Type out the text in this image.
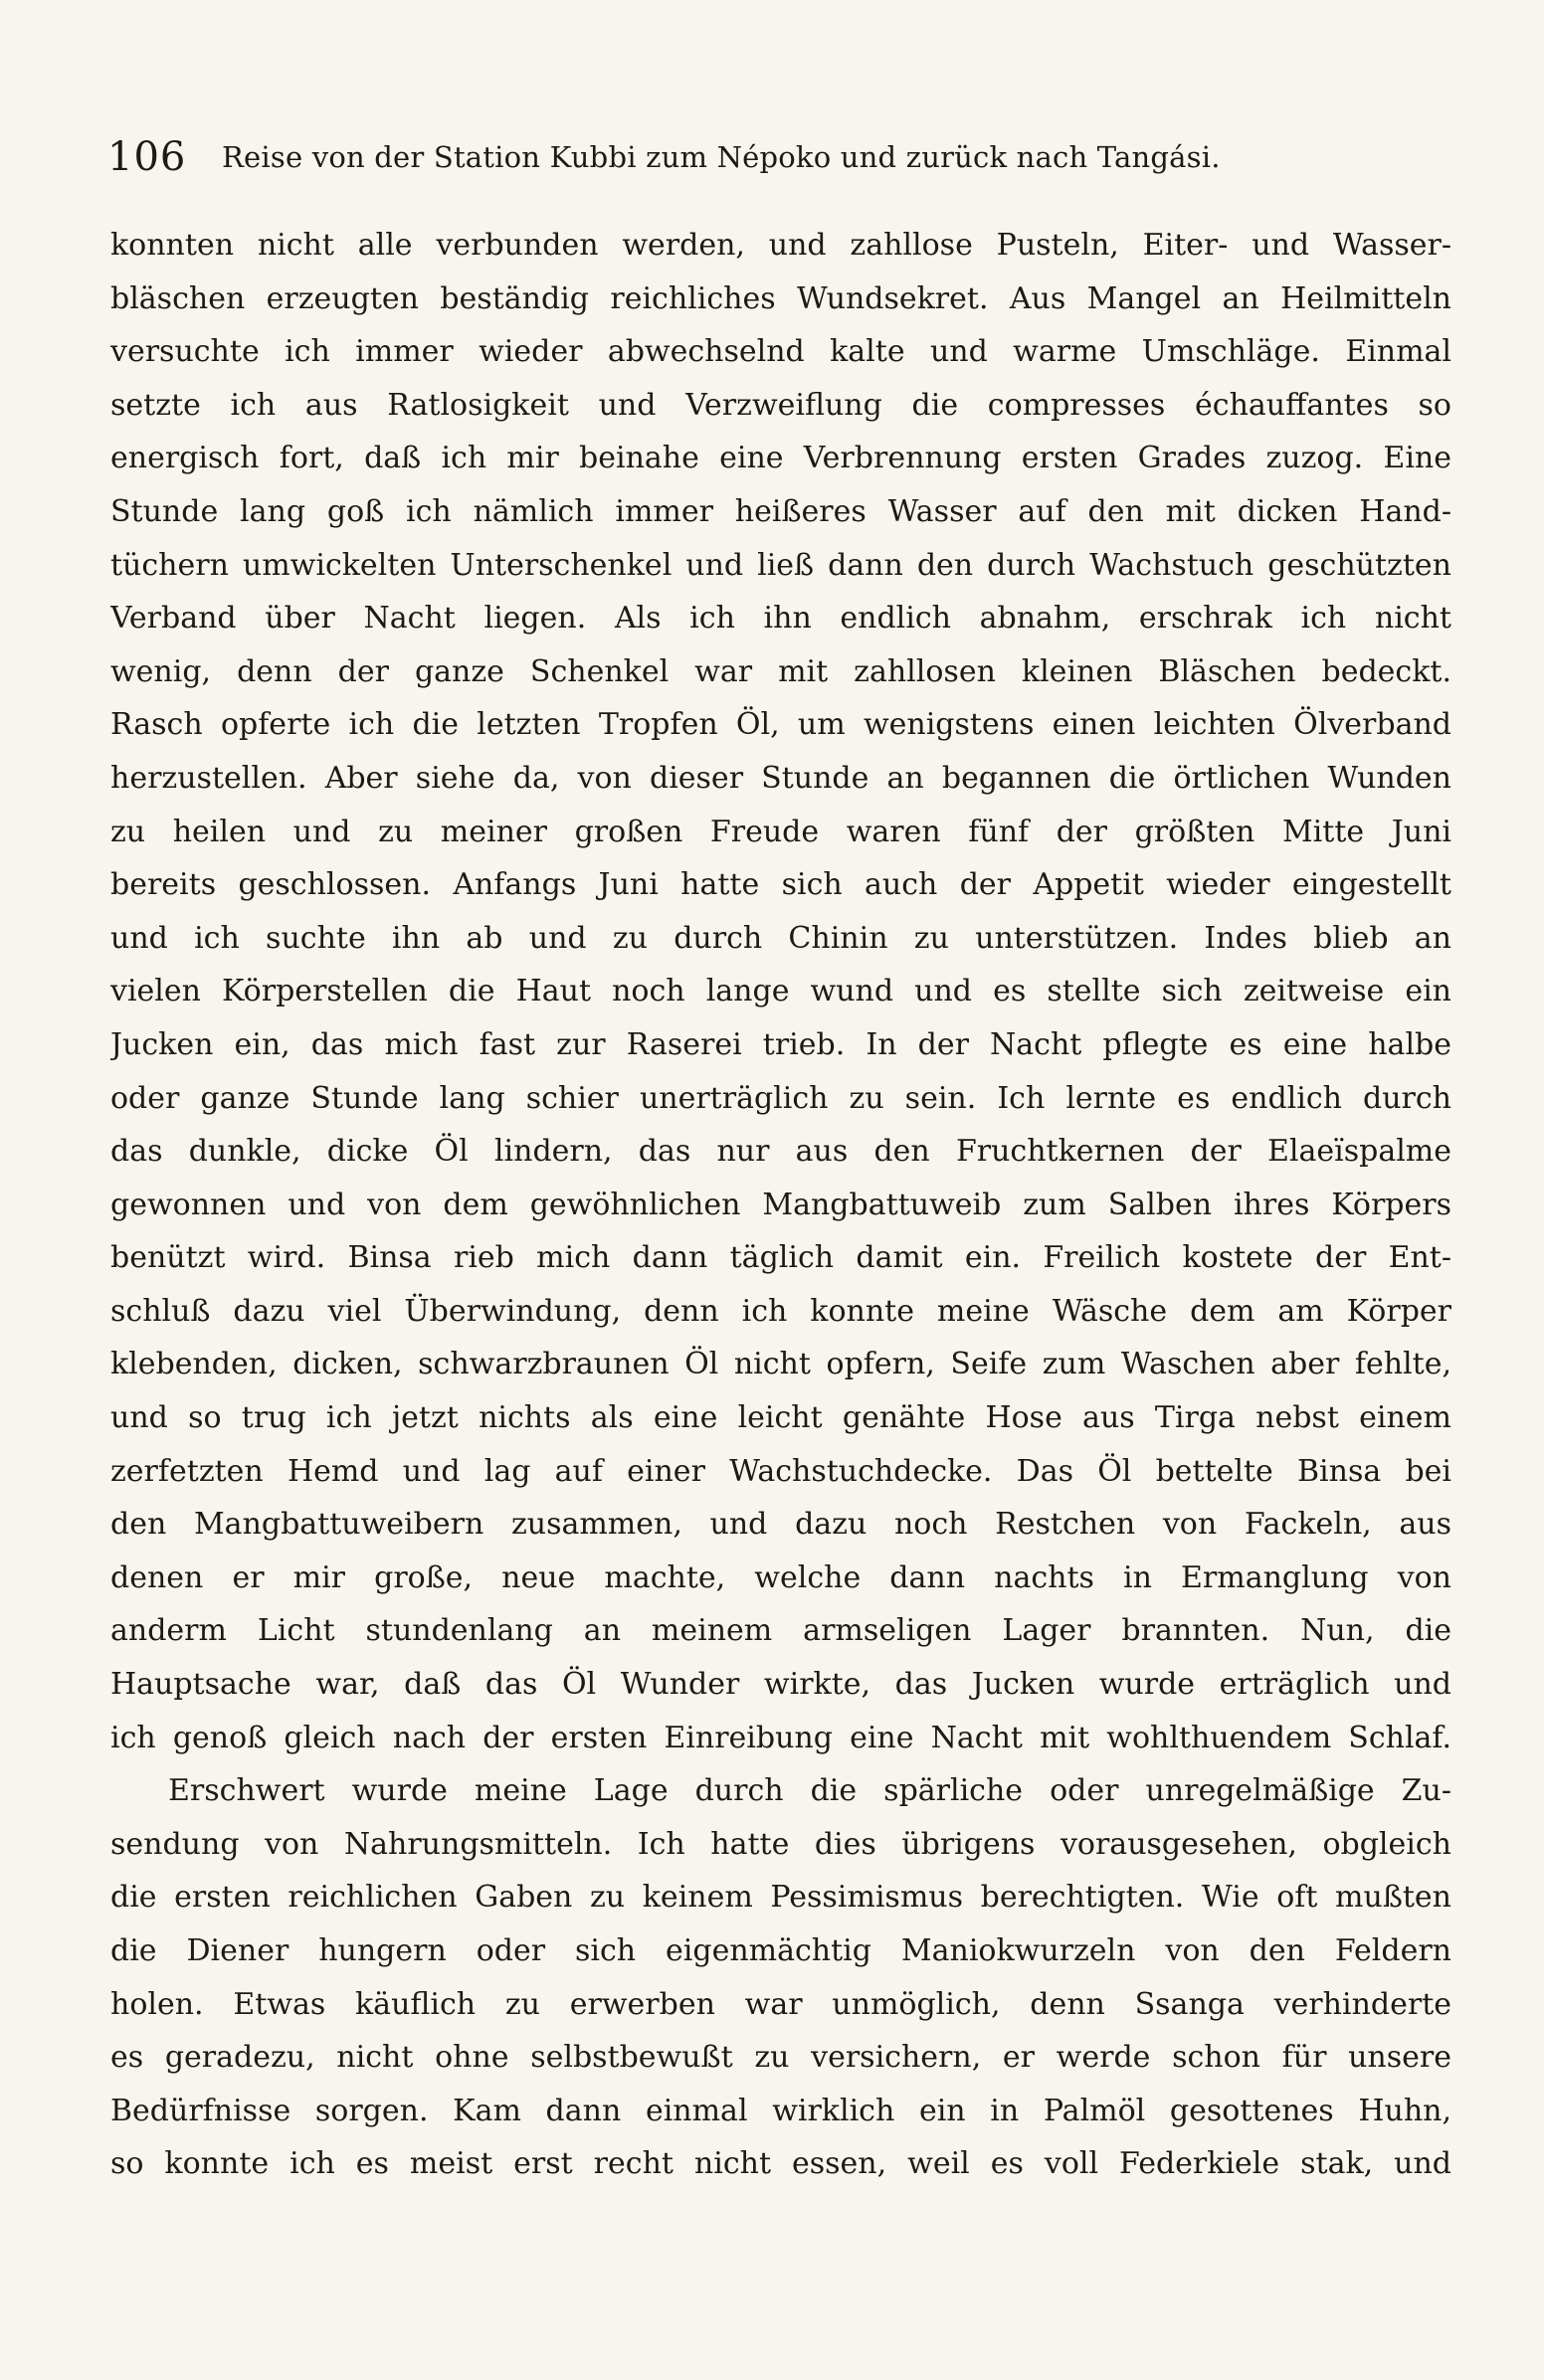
106 Reise von der Station Kubbi zum Népoko und zurück nach Tangási.
konnten nicht alle verbunden werden, und zahllose Pusteln, Eiter- und Wasser-
bläschen erzeugten beständig reichliches Wundsekret. Aus Mangel an Heilmitteln
versuchte ich immer wieder abwechselnd kalte und warme Umschläge. Einmal
setzte ich aus Ratlosigkeit und Verzweiflung die compresses échauffantes so
energisch fort, daß ich mir beinahe eine Verbrennung ersten Grades zuzog. Eine
Stunde lang goß ich nämlich immer heißeres Wasser auf den mit dicken Hand-
tüchern umwickelten Unterschenkel und ließ dann den durch Wachstuch geschützten
Verband über Nacht liegen. Als ich ihn endlich abnahm, erschrak ich nicht
wenig, denn der ganze Schenkel war mit zahllosen kleinen Bläschen bedeckt.
Rasch opferte ich die letzten Tropfen Öl, um wenigstens einen leichten Ölverband
herzustellen. Aber siehe da, von dieser Stunde an begannen die örtlichen Wunden
zu heilen und zu meiner großen Freude waren fünf der größten Mitte Juni
bereits geschlossen. Anfangs Juni hatte sich auch der Appetit wieder eingestellt
und ich suchte ihn ab und zu durch Chinin zu unterstützen. Indes blieb an
vielen Körperstellen die Haut noch lange wund und es stellte sich zeitweise ein
Jucken ein, das mich fast zur Raserei trieb. In der Nacht pflegte es eine halbe
oder ganze Stunde lang schier unerträglich zu sein. Ich lernte es endlich durch
das dunkle, dicke Öl lindern, das nur aus den Fruchtkernen der Elaeïspalme
gewonnen und von dem gewöhnlichen Mangbattuweib zum Salben ihres Körpers
benützt wird. Binsa rieb mich dann täglich damit ein. Freilich kostete der Ent-
schluß dazu viel Überwindung, denn ich konnte meine Wäsche dem am Körper
klebenden, dicken, schwarzbraunen Öl nicht opfern, Seife zum Waschen aber fehlte,
und so trug ich jetzt nichts als eine leicht genähte Hose aus Tirga nebst einem
zerfetzten Hemd und lag auf einer Wachstuchdecke. Das Öl bettelte Binsa bei
den Mangbattuweibern zusammen, und dazu noch Restchen von Fackeln, aus
denen er mir große, neue machte, welche dann nachts in Ermanglung von
anderm Licht stundenlang an meinem armseligen Lager brannten. Nun, die
Hauptsache war, daß das Öl Wunder wirkte, das Jucken wurde erträglich und
ich genoß gleich nach der ersten Einreibung eine Nacht mit wohlthuendem Schlaf.
Erschwert wurde meine Lage durch die spärliche oder unregelmäßige Zu-
sendung von Nahrungsmitteln. Ich hatte dies übrigens vorausgesehen, obgleich
die ersten reichlichen Gaben zu keinem Pessimismus berechtigten. Wie oft mußten
die Diener hungern oder sich eigenmächtig Maniokwurzeln von den Feldern
holen. Etwas käuflich zu erwerben war unmöglich, denn Ssanga verhinderte
es geradezu, nicht ohne selbstbewußt zu versichern, er werde schon für unsere
Bedürfnisse sorgen. Kam dann einmal wirklich ein in Palmöl gesottenes Huhn,
so konnte ich es meist erst recht nicht essen, weil es voll Federkiele stak, und
